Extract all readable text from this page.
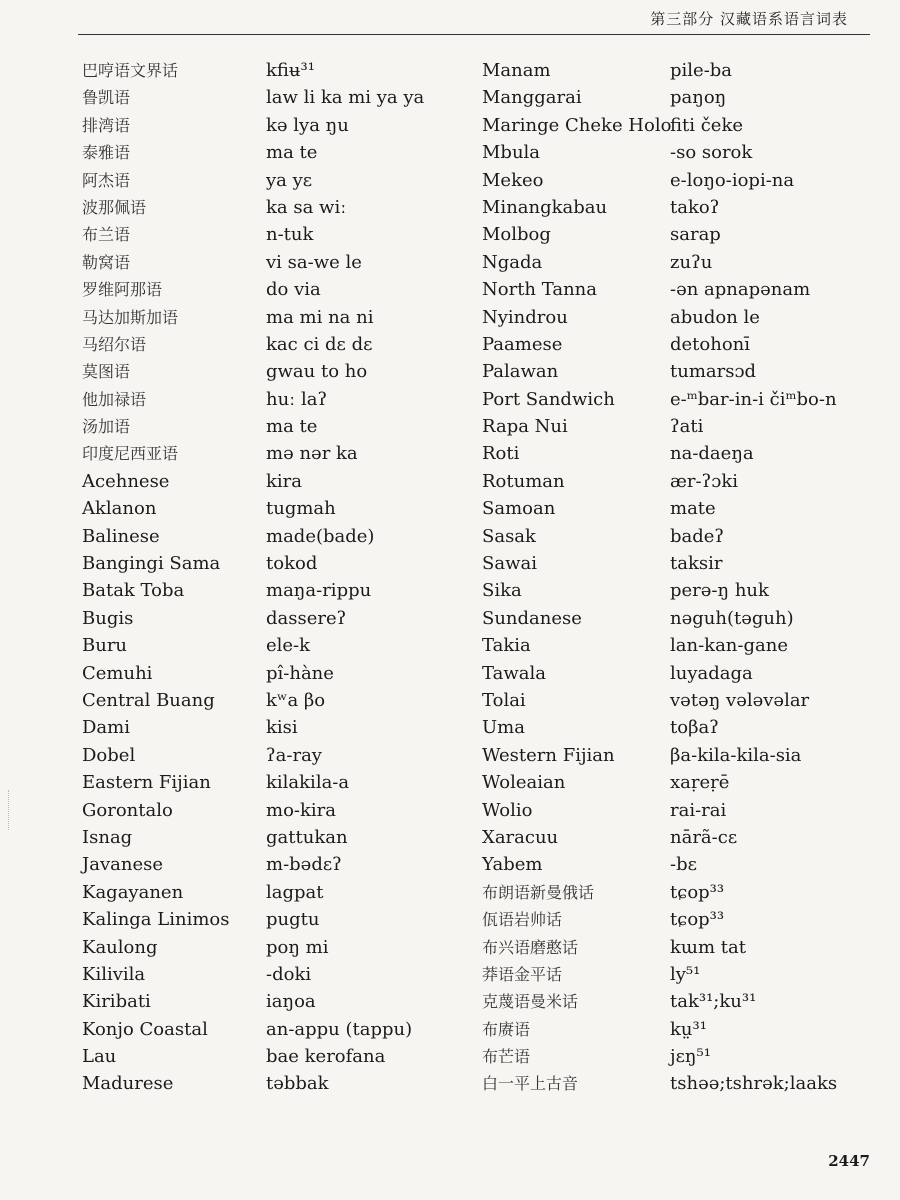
第三部分 汉藏语系语言词表
巴哼语文界话
鲁凯语
排湾语
泰雅语
阿杰语
波那佩语
布兰语
勒窝语
罗维阿那语
马达加斯加语
马绍尔语
莫图语
他加禄语
汤加语
印度尼西亚语
Acehnese
Aklanon
Balinese
Bangingi Sama
Batak Toba
Bugis
Buru
Cemuhi
Central Buang
Dami
Dobel
Eastern Fijian
Gorontalo
Isnag
Javanese
Kagayanen
Kalinga Linimos
Kaulong
Kilivila
Kiribati
Konjo Coastal
Lau
Madurese
kfiʉ³¹
law li ka mi ya ya
kə lya ŋu
ma te
ya yɛ
ka sa wiː
n-tuk
vi sa-we le
do via
ma mi na ni
kac ci dɛ dɛ
gwau to ho
huː laʔ
ma te
mə nər ka
kira
tugmah
made(bade)
tokod
maŋa-rippu
dassereʔ
ele-k
pî-hàne
kʷa βo
kisi
ʔa-ray
kilakila-a
mo-kira
gattukan
m-bədɛʔ
lagpat
pugtu
poŋ mi
-doki
iaŋoa
an-appu (tappu)
bae kerofana
təbbak
Manam
Manggarai
Maringe Cheke Holo
Mbula
Mekeo
Minangkabau
Molbog
Ngada
North Tanna
Nyindrou
Paamese
Palawan
Port Sandwich
Rapa Nui
Roti
Rotuman
Samoan
Sasak
Sawai
Sika
Sundanese
Takia
Tawala
Tolai
Uma
Western Fijian
Woleaian
Wolio
Xaracuu
Yabem
布朗语新曼俄话
佤语岩帅话
布兴语磨憨话
莽语金平话
克蔑语曼米话
布赓语
布芒语
白一平上古音
pile-ba
paŋoŋ
fiti čeke
-so sorok
e-loŋo-iopi-na
takoʔ
sarap
zuʔu
-ən apnapənam
abudon le
detohonī
tumarsɔd
e-ᵐbar-in-i čiᵐbo-n
ʔati
na-daeŋa
ær-ʔɔki
mate
badeʔ
taksir
perə-ŋ huk
nəguh(təguh)
lan-kan-gane
luyadaga
vətəŋ vələvəlar
toβaʔ
βa-kila-kila-sia
xaṛeṛē
rai-rai
nārã-cɛ
-bɛ
tɕop³³
tɕop³³
kɯm tat
ly⁵¹
tak³¹;ku³¹
kṳ³¹
jɛŋ⁵¹
tshəə;tshrək;laaks
2447
